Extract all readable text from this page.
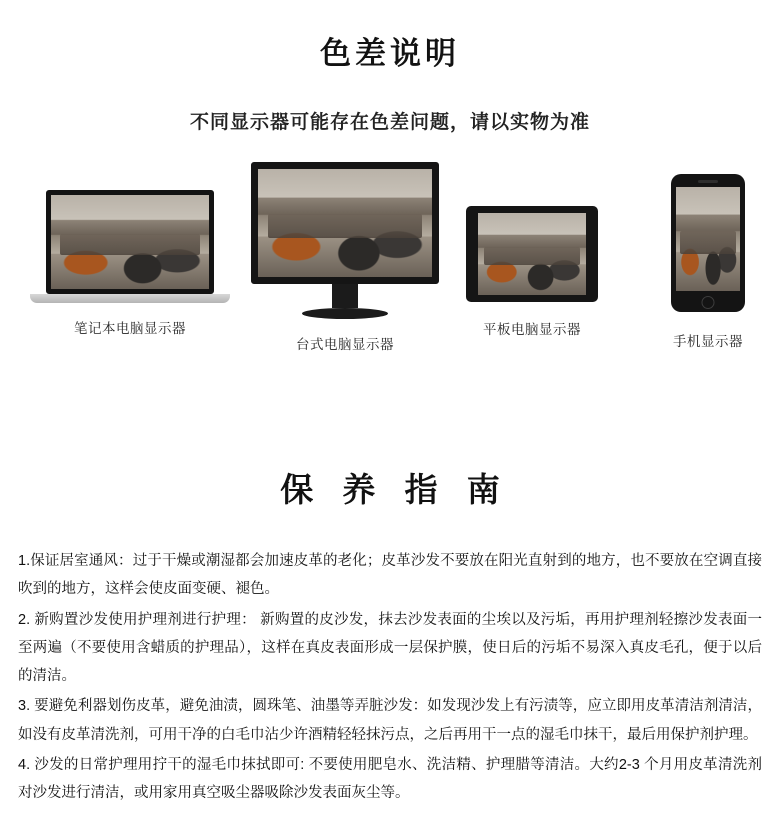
色差说明
不同显示器可能存在色差问题，请以实物为准
笔记本电脑显示器
台式电脑显示器
平板电脑显示器
手机显示器
保 养 指 南

1.保证居室通风：过于干燥或潮湿都会加速皮革的老化；皮革沙发不要放在阳光直射到的地方，也不要放在空调直接吹到的地方，这样会使皮面变硬、褪色。

2. 新购置沙发使用护理剂进行护理： 新购置的皮沙发，抹去沙发表面的尘埃以及污垢，再用护理剂轻擦沙发表面一至两遍（不要使用含蜡质的护理品），这样在真皮表面形成一层保护膜，使日后的污垢不易深入真皮毛孔，便于以后的清洁。

3. 要避免利器划伤皮革，避免油渍，圆珠笔、油墨等弄脏沙发：如发现沙发上有污渍等，应立即用皮革清洁剂清洁，如没有皮革清洗剂，可用干净的白毛巾沾少许酒精轻轻抹污点，之后再用干一点的湿毛巾抹干，最后用保护剂护理。

4. 沙发的日常护理用拧干的湿毛巾抹拭即可: 不要使用肥皂水、洗洁精、护理腊等清洁。大约2-3 个月用皮革清洗剂对沙发进行清洁，或用家用真空吸尘器吸除沙发表面灰尘等。
